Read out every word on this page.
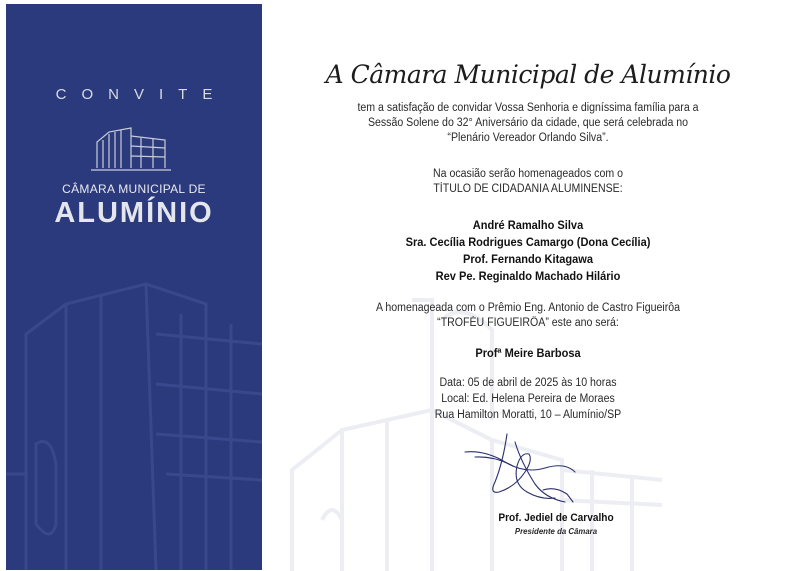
CONVITE
CÂMARA MUNICIPAL DE
ALUMÍNIO
A Câmara Municipal de Alumínio
tem a satisfação de convidar Vossa Senhoria e digníssima família para a
Sessão Solene do 32° Aniversário da cidade, que será celebrada no
“Plenário Vereador Orlando Silva”.
Na ocasião serão homenageados com o
TÍTULO DE CIDADANIA ALUMINENSE:
André Ramalho Silva
Sra. Cecília Rodrigues Camargo (Dona Cecília)
Prof. Fernando Kitagawa
Rev Pe. Reginaldo Machado Hilário
A homenageada com o Prêmio Eng. Antonio de Castro Figueirôa
“TROFÉU FIGUEIRÔA” este ano será:
Profª Meire Barbosa
Data: 05 de abril de 2025 às 10 horas
Local: Ed. Helena Pereira de Moraes
Rua Hamilton Moratti, 10 – Alumínio/SP
Prof. Jediel de Carvalho
Presidente da Câmara
